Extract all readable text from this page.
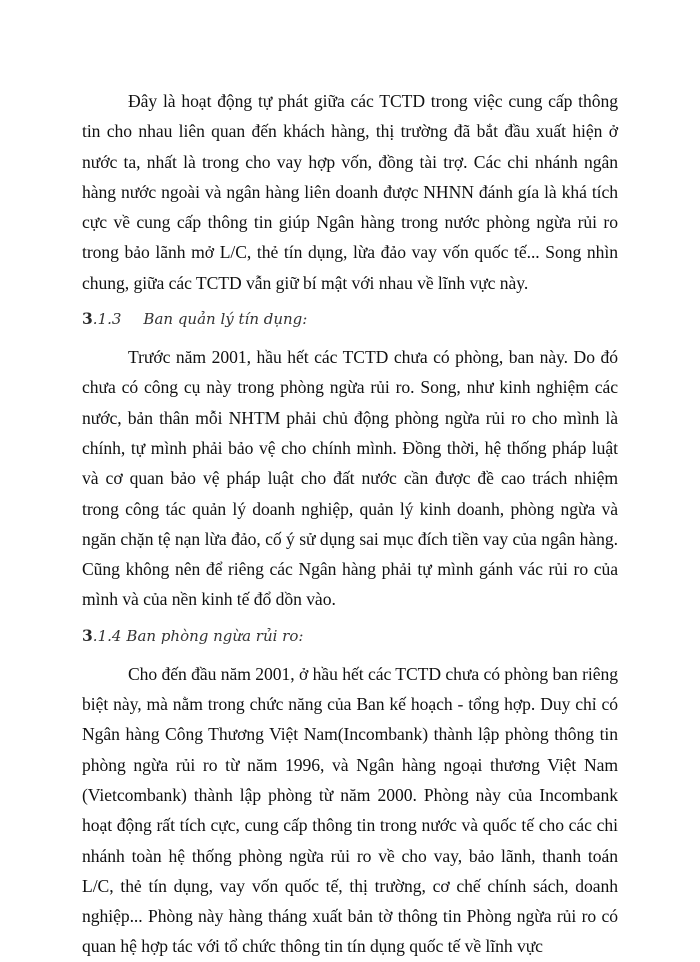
Đây là hoạt động tự phát giữa các TCTD trong việc cung cấp thông tin cho nhau liên quan đến khách hàng, thị trường đã bắt đầu xuất hiện ở nước ta, nhất là trong cho vay hợp vốn, đồng tài trợ. Các chi nhánh ngân hàng nước ngoài và ngân hàng liên doanh được NHNN đánh gía là khá tích cực về cung cấp thông tin giúp Ngân hàng trong nước phòng ngừa rủi ro trong bảo lãnh mở L/C, thẻ tín dụng, lừa đảo vay vốn quốc tế... Song nhìn chung, giữa các TCTD vẫn giữ bí mật với nhau về lĩnh vực này.

3.1.3 Ban quản lý tín dụng:

Trước năm 2001, hầu hết các TCTD chưa có phòng, ban này. Do đó chưa có công cụ này trong phòng ngừa rủi ro. Song, như kinh nghiệm các nước, bản thân mỗi NHTM phải chủ động phòng ngừa rủi ro cho mình là chính, tự mình phải bảo vệ cho chính mình. Đồng thời, hệ thống pháp luật và cơ quan bảo vệ pháp luật cho đất nước cần được đề cao trách nhiệm trong công tác quản lý doanh nghiệp, quản lý kinh doanh, phòng ngừa và ngăn chặn tệ nạn lừa đảo, cố ý sử dụng sai mục đích tiền vay của ngân hàng. Cũng không nên để riêng các Ngân hàng phải tự mình gánh vác rủi ro của mình và của nền kinh tế đổ dồn vào.

3.1.4 Ban phòng ngừa rủi ro:

Cho đến đầu năm 2001, ở hầu hết các TCTD chưa có phòng ban riêng biệt này, mà nằm trong chức năng của Ban kế hoạch - tổng hợp. Duy chỉ có Ngân hàng Công Thương Việt Nam(Incombank) thành lập phòng thông tin phòng ngừa rủi ro từ năm 1996, và Ngân hàng ngoại thương Việt Nam (Vietcombank) thành lập phòng từ năm 2000. Phòng này của Incombank hoạt động rất tích cực, cung cấp thông tin trong nước và quốc tế cho các chi nhánh toàn hệ thống phòng ngừa rủi ro về cho vay, bảo lãnh, thanh toán L/C, thẻ tín dụng, vay vốn quốc tế, thị trường, cơ chế chính sách, doanh nghiệp... Phòng này hàng tháng xuất bản tờ thông tin Phòng ngừa rủi ro có quan hệ hợp tác với tổ chức thông tin tín dụng quốc tế về lĩnh vực
